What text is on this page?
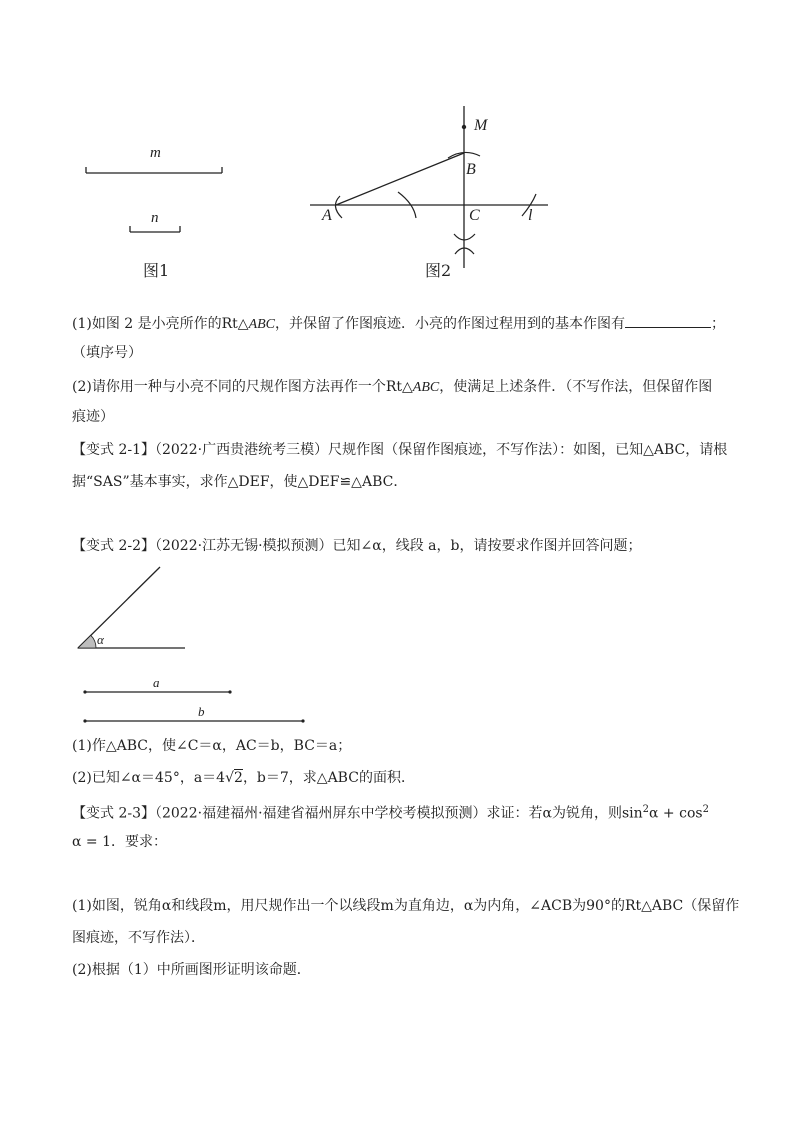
m
n
图1
M
B
A	C	l
图2
(1)如图 2 是小亮所作的Rt△ABC，并保留了作图痕迹．小亮的作图过程用到的基本作图有	；
（填序号）
(2)请你用一种与小亮不同的尺规作图方法再作一个Rt△ABC，使满足上述条件．（不写作法，但保留作图
痕迹）
【变式 2-1】（2022·广西贵港统考三模）尺规作图（保留作图痕迹，不写作法）：如图，已知△ABC，请根
据“SAS”基本事实，求作△DEF，使△DEF≌△ABC．
【变式 2-2】（2022·江苏无锡·模拟预测）已知∠α，线段 a，b，请按要求作图并回答问题；
α
a
b
(1)作△ABC，使∠C＝α，AC＝b，BC＝a；
(2)已知∠α＝45°，a＝4√2，b＝7，求△ABC的面积．
【变式 2-3】（2022·福建福州·福建省福州屏东中学校考模拟预测）求证：若α为锐角，则$\sin^2\alpha + \cos^2$
α = 1．要求：
(1)如图，锐角α和线段m，用尺规作出一个以线段m为直角边，α为内角，∠ACB为90°的Rt△ABC（保留作
图痕迹，不写作法）．
(2)根据（1）中所画图形证明该命题．
